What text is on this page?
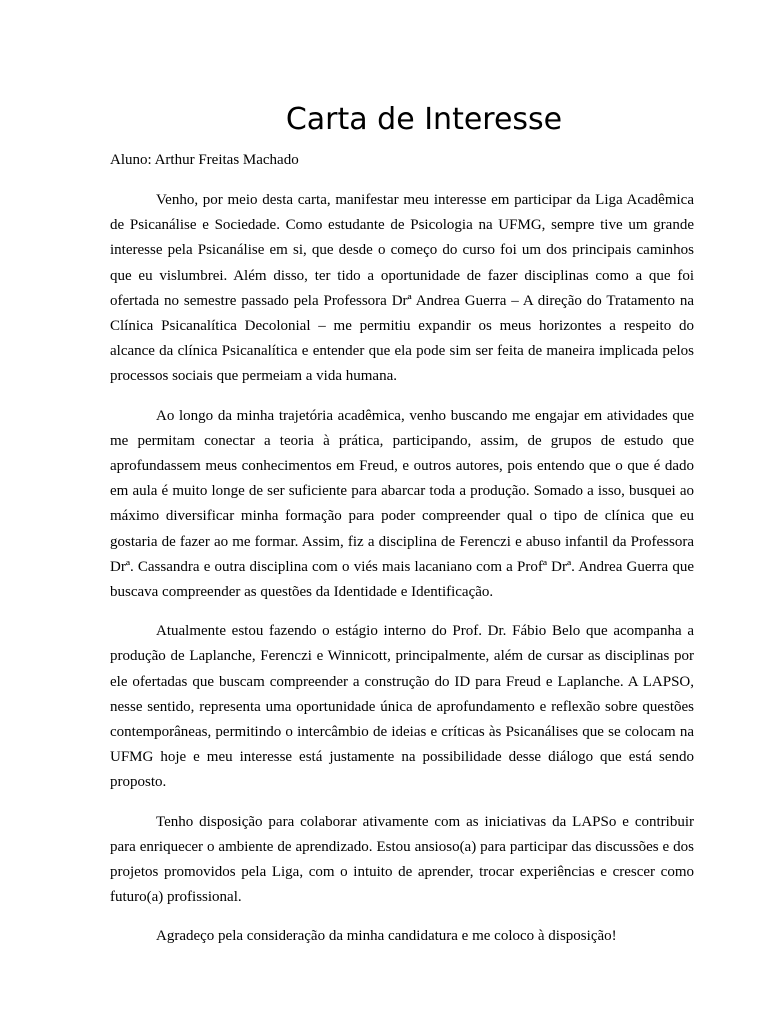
Carta de Interesse

Aluno: Arthur Freitas Machado

Venho, por meio desta carta, manifestar meu interesse em participar da Liga Acadêmica de Psicanálise e Sociedade. Como estudante de Psicologia na UFMG, sempre tive um grande interesse pela Psicanálise em si, que desde o começo do curso foi um dos principais caminhos que eu vislumbrei. Além disso, ter tido a oportunidade de fazer disciplinas como a que foi ofertada no semestre passado pela Professora Drª Andrea Guerra – A direção do Tratamento na Clínica Psicanalítica Decolonial – me permitiu expandir os meus horizontes a respeito do alcance da clínica Psicanalítica e entender que ela pode sim ser feita de maneira implicada pelos processos sociais que permeiam a vida humana.

Ao longo da minha trajetória acadêmica, venho buscando me engajar em atividades que me permitam conectar a teoria à prática, participando, assim, de grupos de estudo que aprofundassem meus conhecimentos em Freud, e outros autores, pois entendo que o que é dado em aula é muito longe de ser suficiente para abarcar toda a produção. Somado a isso, busquei ao máximo diversificar minha formação para poder compreender qual o tipo de clínica que eu gostaria de fazer ao me formar. Assim, fiz a disciplina de Ferenczi e abuso infantil da Professora Drª. Cassandra e outra disciplina com o viés mais lacaniano com a Profª Drª. Andrea Guerra que buscava compreender as questões da Identidade e Identificação.

Atualmente estou fazendo o estágio interno do Prof. Dr. Fábio Belo que acompanha a produção de Laplanche, Ferenczi e Winnicott, principalmente, além de cursar as disciplinas por ele ofertadas que buscam compreender a construção do ID para Freud e Laplanche. A LAPSO, nesse sentido, representa uma oportunidade única de aprofundamento e reflexão sobre questões contemporâneas, permitindo o intercâmbio de ideias e críticas às Psicanálises que se colocam na UFMG hoje e meu interesse está justamente na possibilidade desse diálogo que está sendo proposto.

Tenho disposição para colaborar ativamente com as iniciativas da LAPSo e contribuir para enriquecer o ambiente de aprendizado. Estou ansioso(a) para participar das discussões e dos projetos promovidos pela Liga, com o intuito de aprender, trocar experiências e crescer como futuro(a) profissional.

Agradeço pela consideração da minha candidatura e me coloco à disposição!
